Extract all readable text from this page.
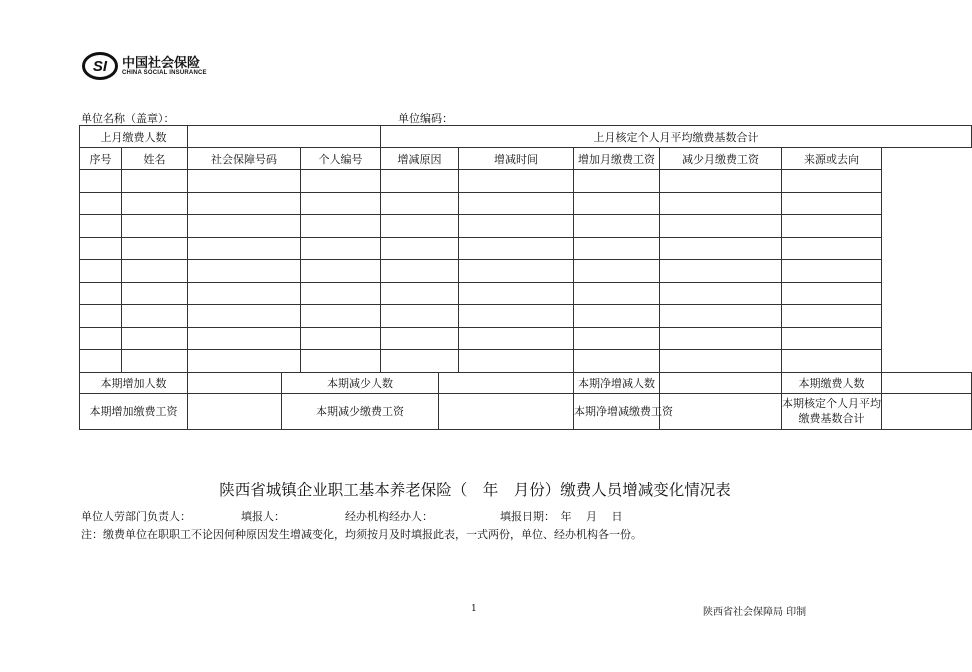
SI 中国社会保险
CHINA SOCIAL INSURANCE
单位名称（盖章）：	单位编码：
上月缴费人数					上月核定个人月平均缴费基数合计						
序号	姓名	社会保障号码		个人编号	增减原因		增减时间	增加月缴费工资	减少月缴费工资	来源或去向

本期增加人数			本期减少人数					本期净增减人数		本期缴费人数	
本期增加缴费工资			本期减少缴费工资					本期净增减缴费工资		本期核定个人月平均缴费基数合计	
陕西省城镇企业职工基本养老保险（　年　月份）缴费人员增减变化情况表
单位人劳部门负责人：	填报人：	经办机构经办人：	填报日期：　年　 月　 日
注：缴费单位在职职工不论因何种原因发生增减变化，均须按月及时填报此表，一式两份，单位、经办机构各一份。
1	陕西省社会保障局 印制
